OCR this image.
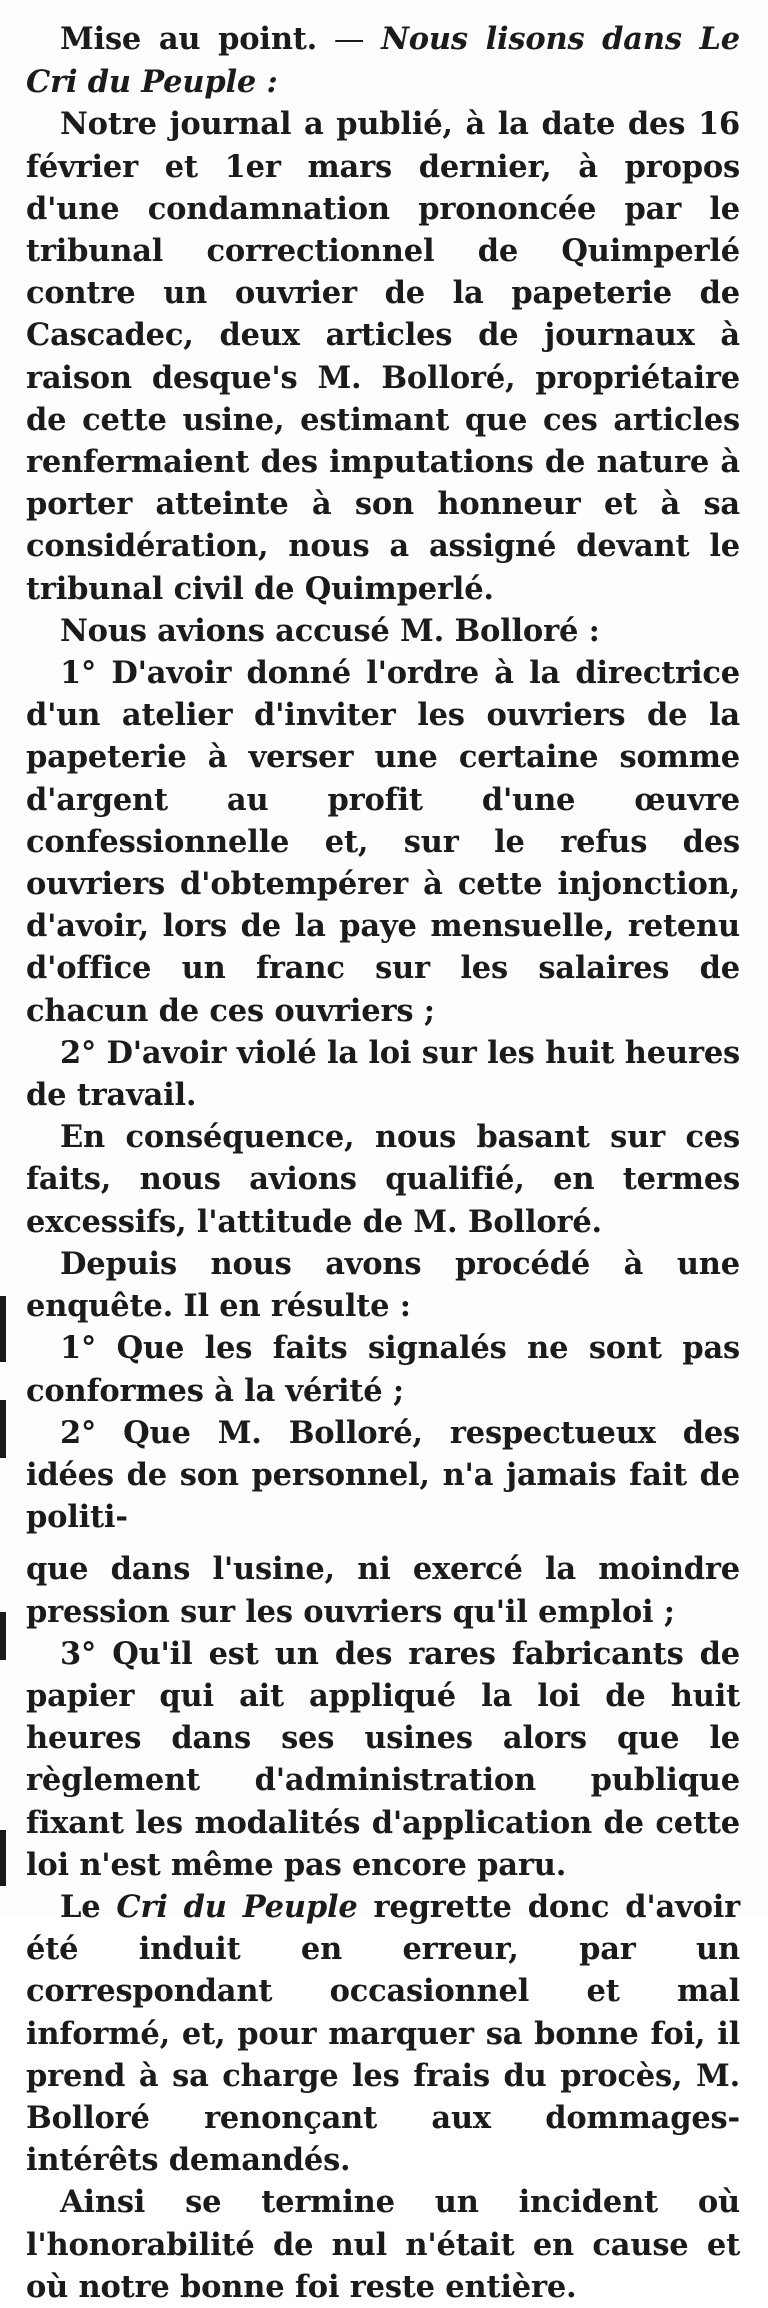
Mise au point. — Nous lisons dans Le Cri du Peuple :

Notre journal a publié, à la date des 16 février et 1er mars dernier, à propos d'une condamnation prononcée par le tribunal correctionnel de Quimperlé contre un ouvrier de la papeterie de Cascadec, deux articles de journaux à raison desque's M. Bolloré, propriétaire de cette usine, estimant que ces articles renfermaient des imputations de nature à porter atteinte à son honneur et à sa considération, nous a assigné devant le tribunal civil de Quimperlé.

Nous avions accusé M. Bolloré :

1° D'avoir donné l'ordre à la directrice d'un atelier d'inviter les ouvriers de la papeterie à verser une certaine somme d'argent au profit d'une œuvre confessionnelle et, sur le refus des ouvriers d'obtempérer à cette injonction, d'avoir, lors de la paye mensuelle, retenu d'office un franc sur les salaires de chacun de ces ouvriers ;

2° D'avoir violé la loi sur les huit heures de travail.

En conséquence, nous basant sur ces faits, nous avions qualifié, en termes excessifs, l'attitude de M. Bolloré.

Depuis nous avons procédé à une enquête. Il en résulte :

1° Que les faits signalés ne sont pas conformes à la vérité ;

2° Que M. Bolloré, respectueux des idées de son personnel, n'a jamais fait de politi-

que dans l'usine, ni exercé la moindre pression sur les ouvriers qu'il emploi ;

3° Qu'il est un des rares fabricants de papier qui ait appliqué la loi de huit heures dans ses usines alors que le règlement d'administration publique fixant les modalités d'application de cette loi n'est même pas encore paru.

Le Cri du Peuple regrette donc d'avoir été induit en erreur, par un correspondant occasionnel et mal informé, et, pour marquer sa bonne foi, il prend à sa charge les frais du procès, M. Bolloré renonçant aux dommages-intérêts demandés.

Ainsi se termine un incident où l'honorabilité de nul n'était en cause et où notre bonne foi reste entière.
